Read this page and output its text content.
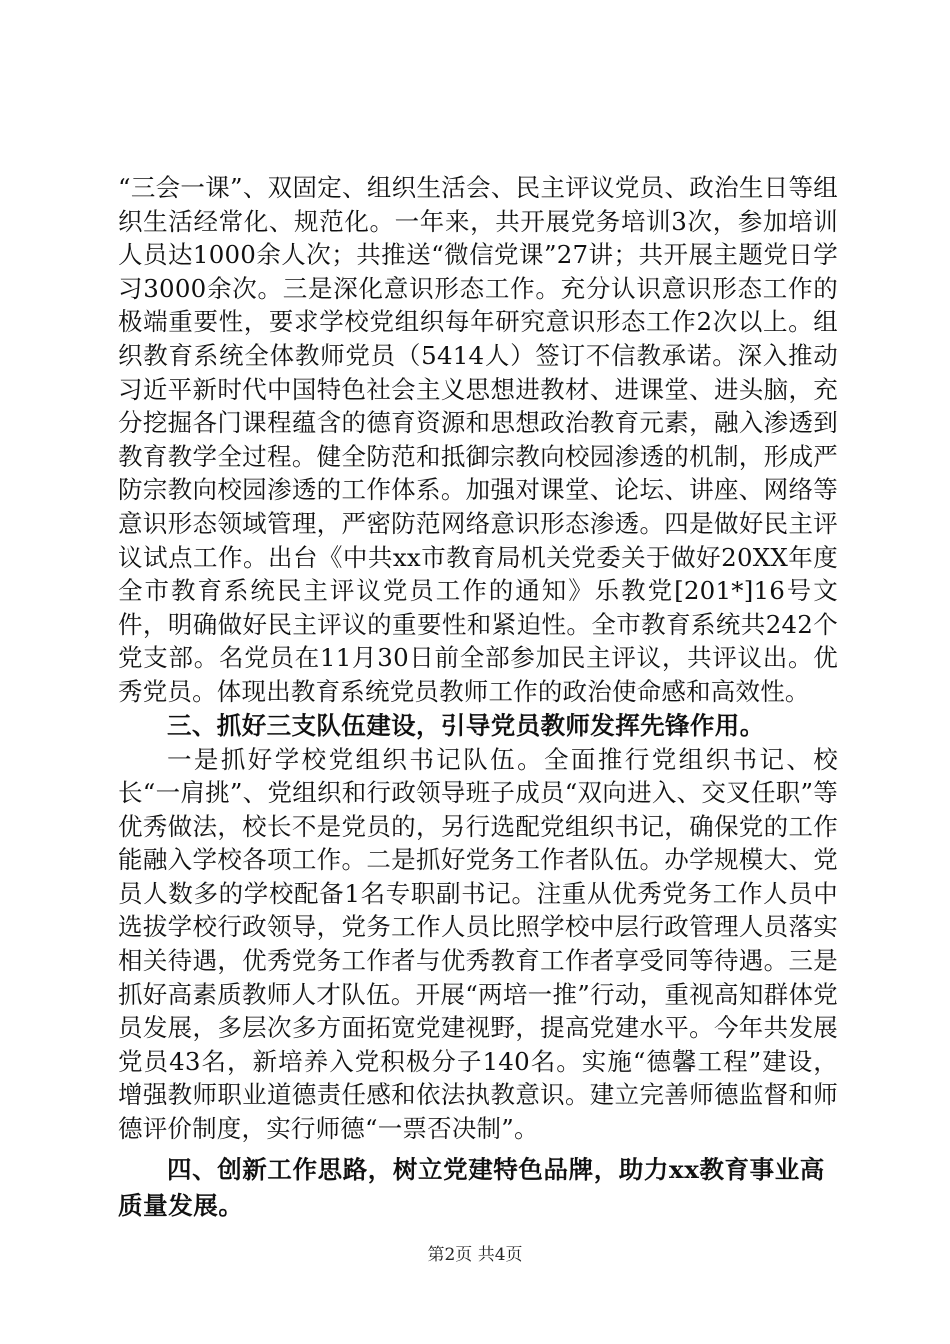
“三会一课”、双固定、组织生活会、民主评议党员、政治生日等组织生活经常化、规范化。一年来，共开展党务培训3次，参加培训人员达1000余人次；共推送“微信党课”27讲；共开展主题党日学习3000余次。三是深化意识形态工作。充分认识意识形态工作的极端重要性，要求学校党组织每年研究意识形态工作2次以上。组织教育系统全体教师党员（5414人）签订不信教承诺。深入推动习近平新时代中国特色社会主义思想进教材、进课堂、进头脑，充分挖掘各门课程蕴含的德育资源和思想政治教育元素，融入渗透到教育教学全过程。健全防范和抵御宗教向校园渗透的机制，形成严防宗教向校园渗透的工作体系。加强对课堂、论坛、讲座、网络等意识形态领域管理，严密防范网络意识形态渗透。四是做好民主评议试点工作。出台《中共xx市教育局机关党委关于做好20XX年度全市教育系统民主评议党员工作的通知》乐教党[201*]16号文件，明确做好民主评议的重要性和紧迫性。全市教育系统共242个党支部。名党员在11月30日前全部参加民主评议，共评议出。优秀党员。体现出教育系统党员教师工作的政治使命感和高效性。

三、抓好三支队伍建设，引导党员教师发挥先锋作用。

一是抓好学校党组织书记队伍。全面推行党组织书记、校长“一肩挑”、党组织和行政领导班子成员“双向进入、交叉任职”等优秀做法，校长不是党员的，另行选配党组织书记，确保党的工作能融入学校各项工作。二是抓好党务工作者队伍。办学规模大、党员人数多的学校配备1名专职副书记。注重从优秀党务工作人员中选拔学校行政领导，党务工作人员比照学校中层行政管理人员落实相关待遇，优秀党务工作者与优秀教育工作者享受同等待遇。三是抓好高素质教师人才队伍。开展“两培一推”行动，重视高知群体党员发展，多层次多方面拓宽党建视野，提高党建水平。今年共发展党员43名，新培养入党积极分子140名。实施“德馨工程”建设，增强教师职业道德责任感和依法执教意识。建立完善师德监督和师德评价制度，实行师德“一票否决制”。

四、创新工作思路，树立党建特色品牌，助力xx教育事业高质量发展。

第2页 共4页
